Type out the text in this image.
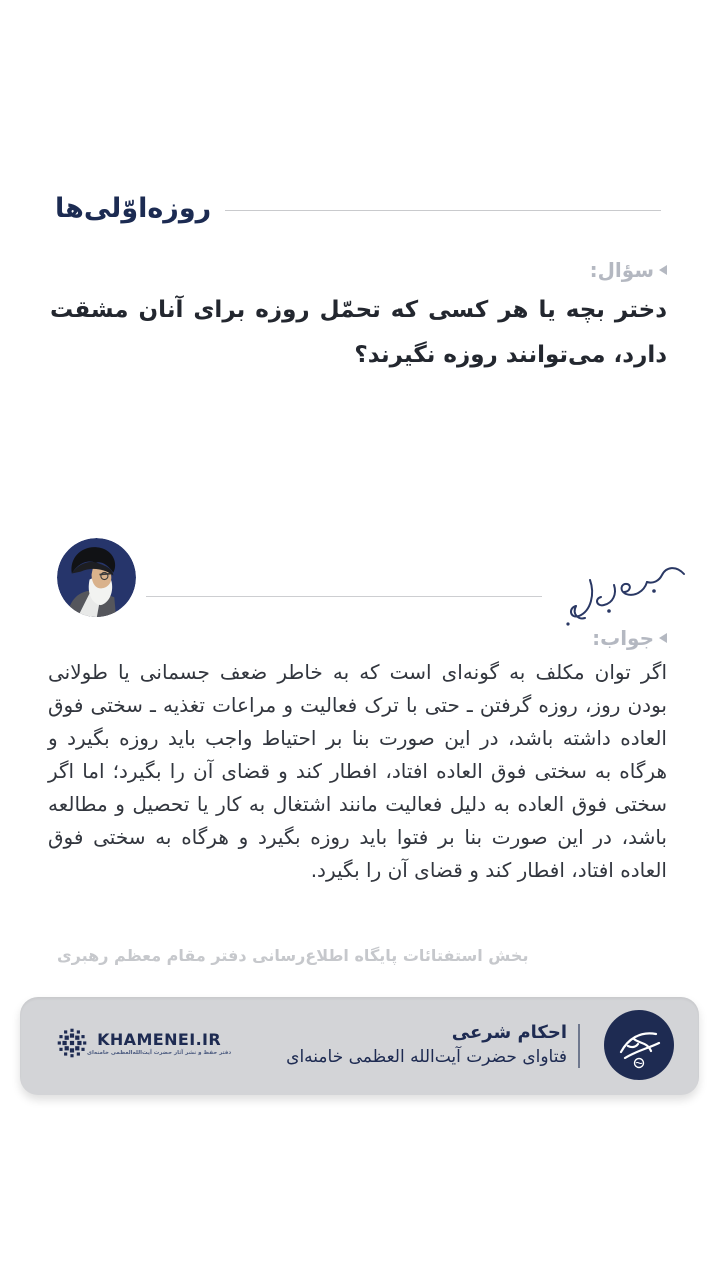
روزه‌اوّلی‌ها
سؤال:

دختر بچه یا هر کسی که تحمّل روزه برای آنان مشقت دارد، می‌توانند روزه نگیرند؟

جواب:

اگر توان مکلف به گونه‌ای است که به خاطر ضعف جسمانی یا طولانی بودن روز، روزه گرفتن ـ حتی با ترک فعالیت و مراعات تغذیه ـ سختی فوق العاده داشته باشد، در این صورت بنا بر احتیاط واجب باید روزه بگیرد و هرگاه به سختی فوق العاده افتاد، افطار کند و قضای آن را بگیرد؛ اما اگر سختی فوق العاده به دلیل فعالیت مانند اشتغال به کار یا تحصیل و مطالعه باشد، در این صورت بنا بر فتوا باید روزه بگیرد و هرگاه به سختی فوق العاده افتاد، افطار کند و قضای آن را بگیرد.

بخش استفتائات پایگاه اطلاع‌رسانی دفتر مقام معظم رهبری
احکام شرعی
فتاوای حضرت آیت‌الله العظمی خامنه‌ای
KHAMENEI.IR
دفتر حفظ و نشر آثار حضرت آیت‌الله‌العظمی خامنه‌ای
